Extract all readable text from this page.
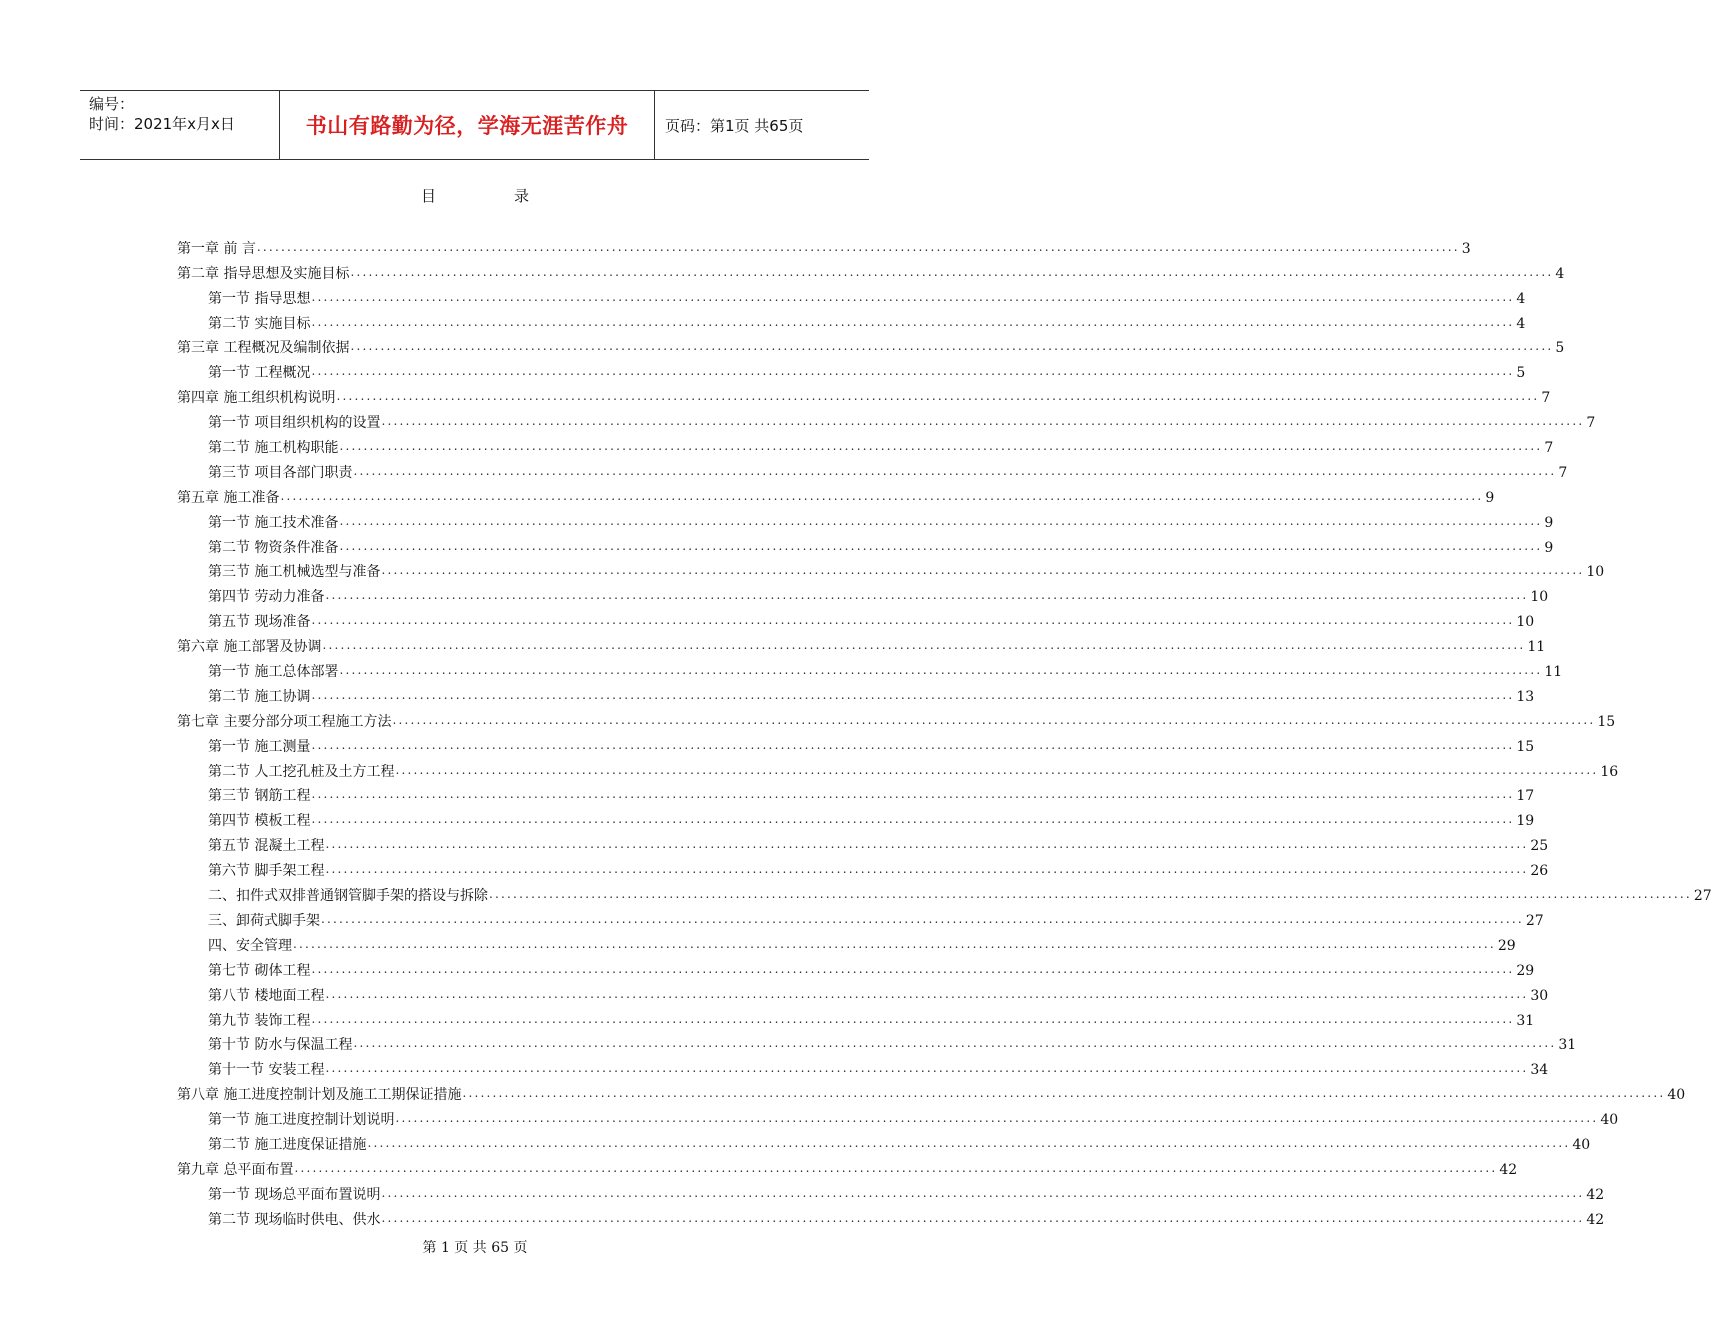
编号：
时间：2021年x月x日	书山有路勤为径，学海无涯苦作舟	页码：第1页 共65页
目	录
第一章 前 言 ........................................................................................................................................................................................................ 3
第二章 指导思想及实施目标 ........................................................................................................................................................................................................ 4
第一节 指导思想 ........................................................................................................................................................................................................ 4
第二节 实施目标 ........................................................................................................................................................................................................ 4
第三章 工程概况及编制依据 ........................................................................................................................................................................................................ 5
第一节 工程概况 ........................................................................................................................................................................................................ 5
第四章 施工组织机构说明 ........................................................................................................................................................................................................ 7
第一节 项目组织机构的设置 ........................................................................................................................................................................................................ 7
第二节 施工机构职能 ........................................................................................................................................................................................................ 7
第三节 项目各部门职责 ........................................................................................................................................................................................................ 7
第五章 施工准备 ........................................................................................................................................................................................................ 9
第一节 施工技术准备 ........................................................................................................................................................................................................ 9
第二节 物资条件准备 ........................................................................................................................................................................................................ 9
第三节 施工机械选型与准备 ........................................................................................................................................................................................................ 10
第四节 劳动力准备 ........................................................................................................................................................................................................ 10
第五节 现场准备 ........................................................................................................................................................................................................ 10
第六章 施工部署及协调 ........................................................................................................................................................................................................ 11
第一节 施工总体部署 ........................................................................................................................................................................................................ 11
第二节 施工协调 ........................................................................................................................................................................................................ 13
第七章 主要分部分项工程施工方法 ........................................................................................................................................................................................................ 15
第一节 施工测量 ........................................................................................................................................................................................................ 15
第二节 人工挖孔桩及土方工程 ........................................................................................................................................................................................................ 16
第三节 钢筋工程 ........................................................................................................................................................................................................ 17
第四节 模板工程 ........................................................................................................................................................................................................ 19
第五节 混凝土工程 ........................................................................................................................................................................................................ 25
第六节 脚手架工程 ........................................................................................................................................................................................................ 26
二、扣件式双排普通钢管脚手架的搭设与拆除 ........................................................................................................................................................................................................ 27
三、卸荷式脚手架 ........................................................................................................................................................................................................ 27
四、安全管理 ........................................................................................................................................................................................................ 29
第七节 砌体工程 ........................................................................................................................................................................................................ 29
第八节 楼地面工程 ........................................................................................................................................................................................................ 30
第九节 装饰工程 ........................................................................................................................................................................................................ 31
第十节 防水与保温工程 ........................................................................................................................................................................................................ 31
第十一节 安装工程 ........................................................................................................................................................................................................ 34
第八章 施工进度控制计划及施工工期保证措施 ........................................................................................................................................................................................................ 40
第一节 施工进度控制计划说明 ........................................................................................................................................................................................................ 40
第二节 施工进度保证措施 ........................................................................................................................................................................................................ 40
第九章 总平面布置 ........................................................................................................................................................................................................ 42
第一节 现场总平面布置说明 ........................................................................................................................................................................................................ 42
第二节 现场临时供电、供水 ........................................................................................................................................................................................................ 42
第 1 页 共 65 页
